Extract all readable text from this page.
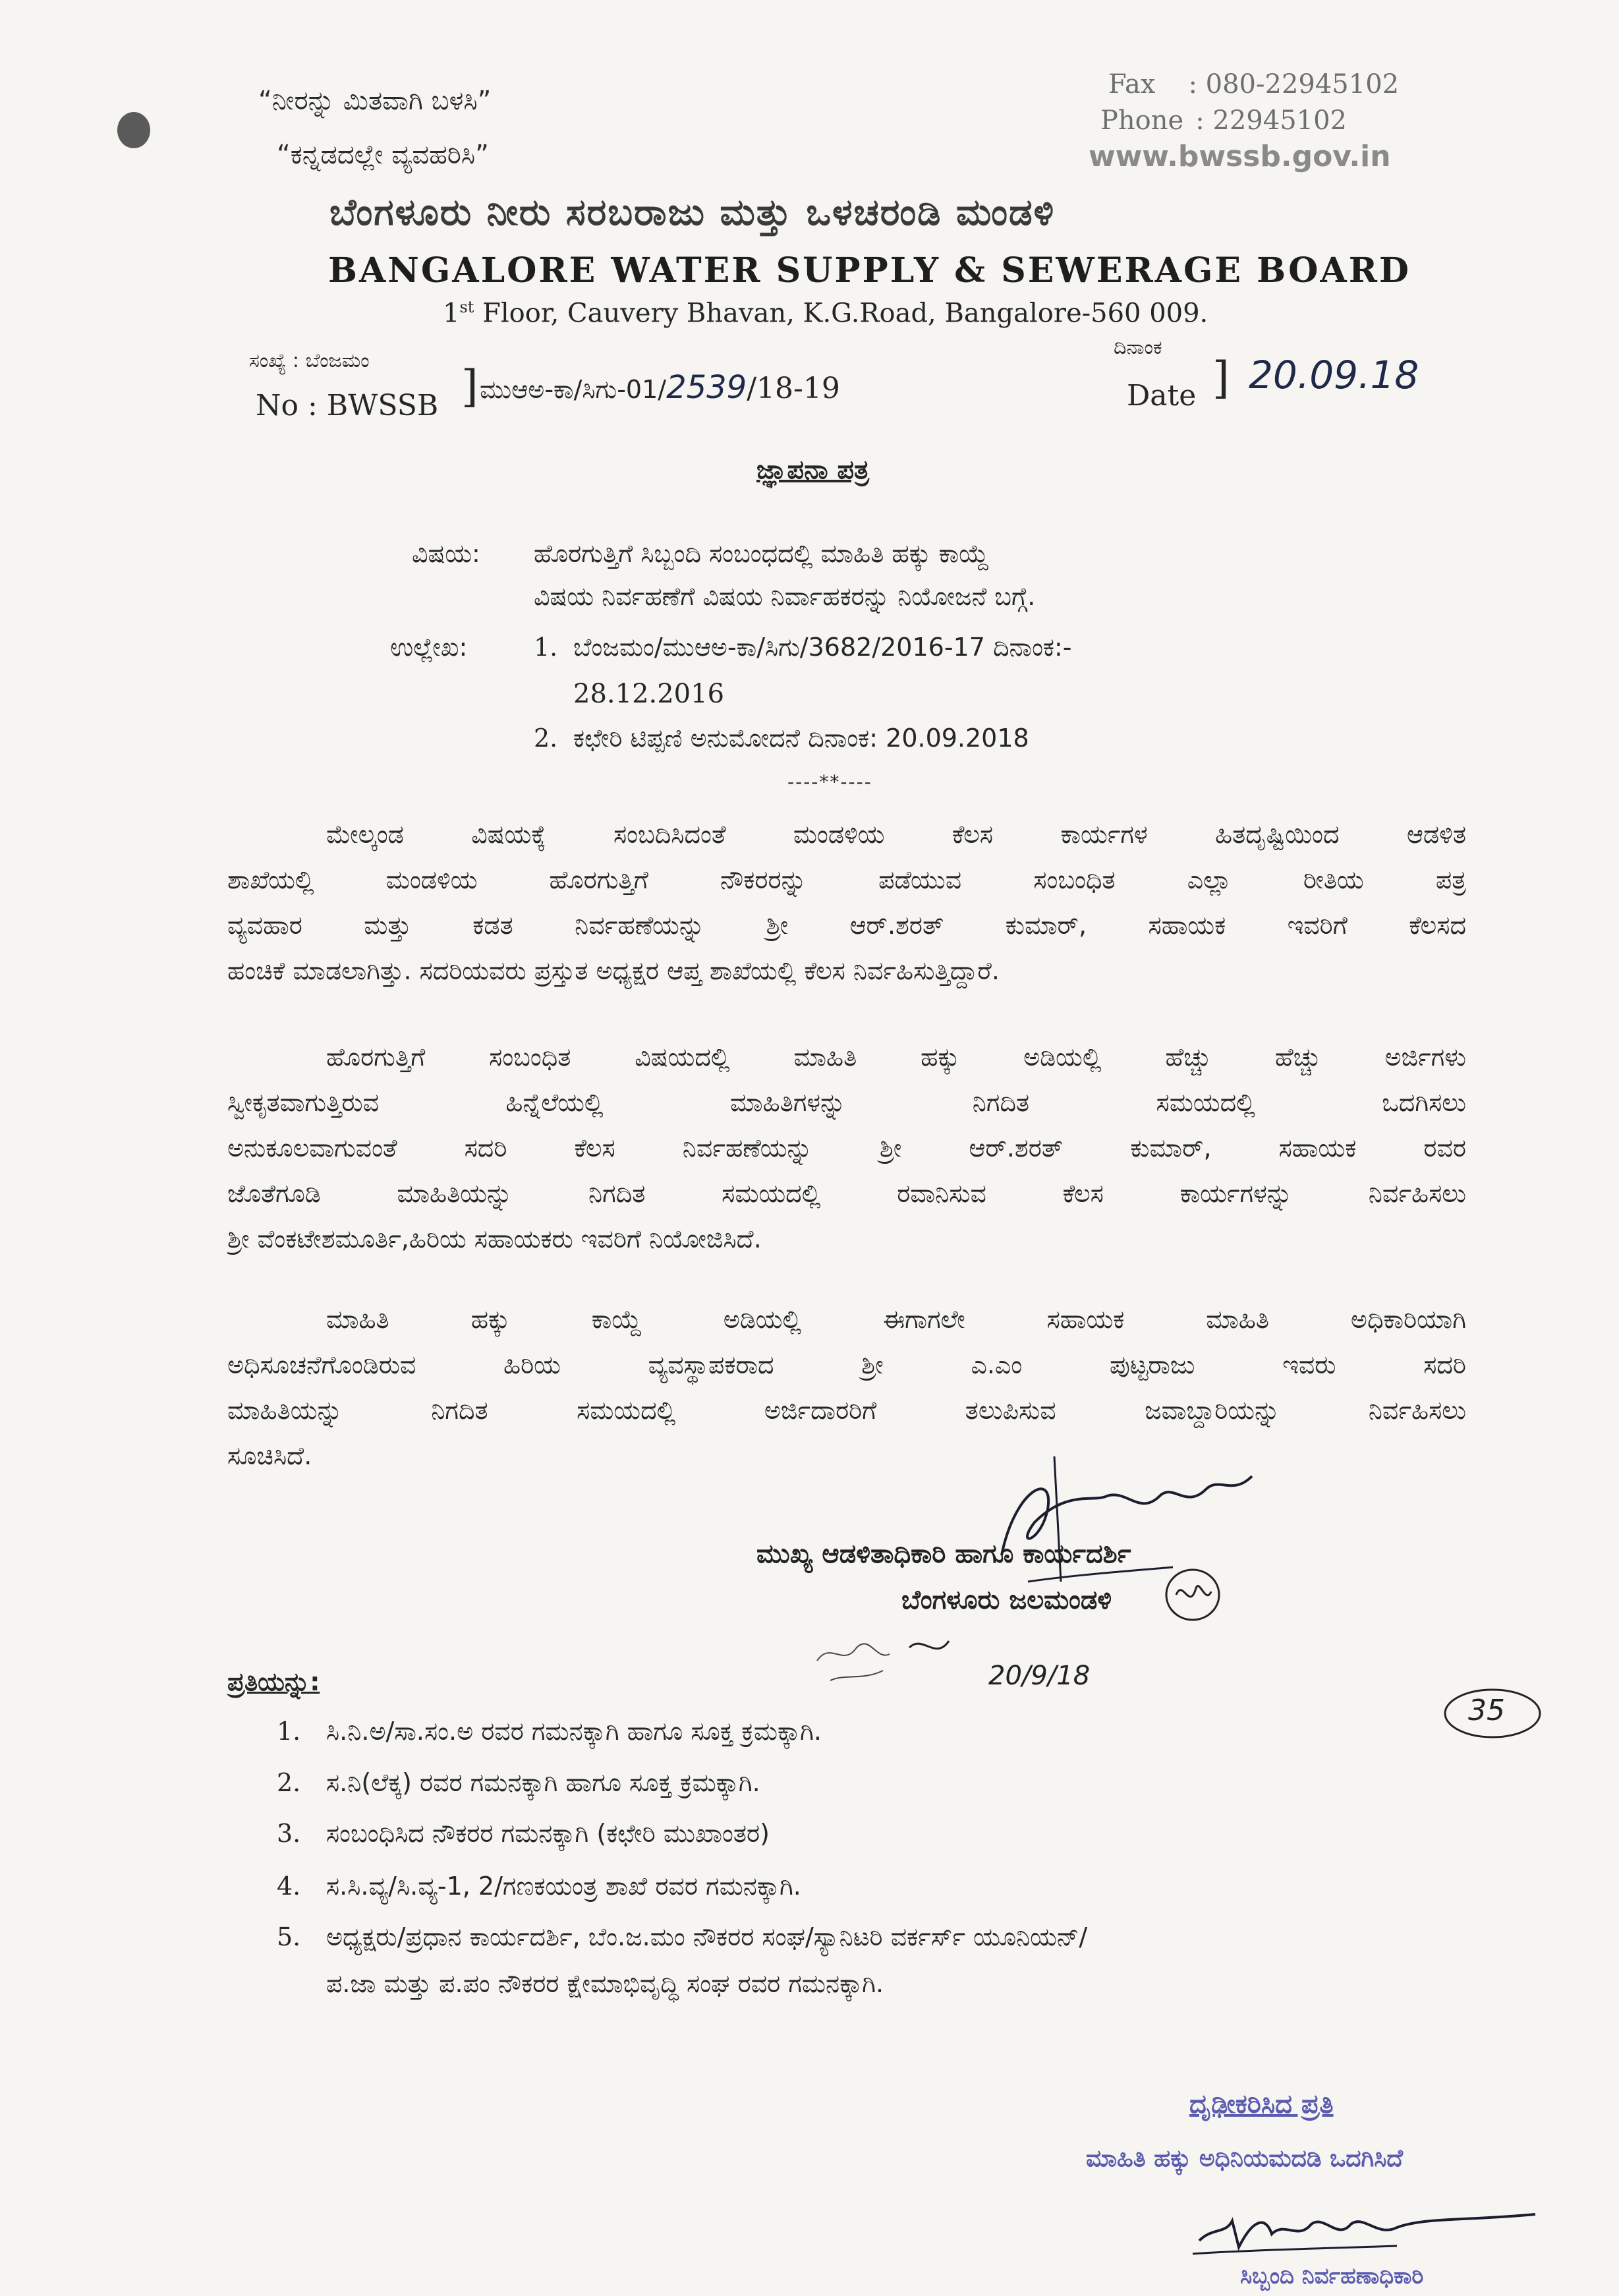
“ನೀರನ್ನು ಮಿತವಾಗಿ ಬಳಸಿ”
“ಕನ್ನಡದಲ್ಲೇ ವ್ಯವಹರಿಸಿ”
Fax : 080-22945102
Phone : 22945102
www.bwssb.gov.in
ಬೆಂಗಳೂರು ನೀರು ಸರಬರಾಜು ಮತ್ತು ಒಳಚರಂಡಿ ಮಂಡಳಿ
BANGALORE WATER SUPPLY & SEWERAGE BOARD
1st Floor, Cauvery Bhavan, K.G.Road, Bangalore-560 009.
ಸಂಖ್ಯೆ : ಬೆಂಜಮಂ
No : BWSSB ] ಮುಆಅ-ಕಾ/ಸಿಗು-01/2539/18-19
ದಿನಾಂಕ
Date ] 20.09.18
ಜ್ಞಾಪನಾ ಪತ್ರ
ವಿಷಯ: ಹೊರಗುತ್ತಿಗೆ ಸಿಬ್ಬಂದಿ ಸಂಬಂಧದಲ್ಲಿ ಮಾಹಿತಿ ಹಕ್ಕು ಕಾಯ್ದೆ
ವಿಷಯ ನಿರ್ವಹಣೆಗೆ ವಿಷಯ ನಿರ್ವಾಹಕರನ್ನು ನಿಯೋಜನೆ ಬಗ್ಗೆ.
ಉಲ್ಲೇಖ:	1. ಬೆಂಜಮಂ/ಮುಆಅ-ಕಾ/ಸಿಗು/3682/2016-17 ದಿನಾಂಕ:-
28.12.2016
2. ಕಛೇರಿ ಟಿಪ್ಪಣಿ ಅನುಮೋದನೆ ದಿನಾಂಕ: 20.09.2018
----**----
ಮೇಲ್ಕಂಡ ವಿಷಯಕ್ಕೆ ಸಂಬದಿಸಿದಂತೆ ಮಂಡಳಿಯ ಕೆಲಸ ಕಾರ್ಯಗಳ ಹಿತದೃಷ್ಟಿಯಿಂದ ಆಡಳಿತ
ಶಾಖೆಯಲ್ಲಿ ಮಂಡಳಿಯ ಹೊರಗುತ್ತಿಗೆ ನೌಕರರನ್ನು ಪಡೆಯುವ ಸಂಬಂಧಿತ ಎಲ್ಲಾ ರೀತಿಯ ಪತ್ರ
ವ್ಯವಹಾರ ಮತ್ತು ಕಡತ ನಿರ್ವಹಣೆಯನ್ನು ಶ್ರೀ ಆರ್.ಶರತ್ ಕುಮಾರ್, ಸಹಾಯಕ ಇವರಿಗೆ ಕೆಲಸದ
ಹಂಚಿಕೆ ಮಾಡಲಾಗಿತ್ತು. ಸದರಿಯವರು ಪ್ರಸ್ತುತ ಅಧ್ಯಕ್ಷರ ಆಪ್ತ ಶಾಖೆಯಲ್ಲಿ ಕೆಲಸ ನಿರ್ವಹಿಸುತ್ತಿದ್ದಾರೆ.
ಹೊರಗುತ್ತಿಗೆ ಸಂಬಂಧಿತ ವಿಷಯದಲ್ಲಿ ಮಾಹಿತಿ ಹಕ್ಕು ಅಡಿಯಲ್ಲಿ ಹೆಚ್ಚು ಹೆಚ್ಚು ಅರ್ಜಿಗಳು
ಸ್ವೀಕೃತವಾಗುತ್ತಿರುವ ಹಿನ್ನೆಲೆಯಲ್ಲಿ ಮಾಹಿತಿಗಳನ್ನು ನಿಗದಿತ ಸಮಯದಲ್ಲಿ ಒದಗಿಸಲು
ಅನುಕೂಲವಾಗುವಂತೆ ಸದರಿ ಕೆಲಸ ನಿರ್ವಹಣೆಯನ್ನು ಶ್ರೀ ಆರ್.ಶರತ್ ಕುಮಾರ್, ಸಹಾಯಕ ರವರ
ಜೊತೆಗೂಡಿ ಮಾಹಿತಿಯನ್ನು ನಿಗದಿತ ಸಮಯದಲ್ಲಿ ರವಾನಿಸುವ ಕೆಲಸ ಕಾರ್ಯಗಳನ್ನು ನಿರ್ವಹಿಸಲು
ಶ್ರೀ ವೆಂಕಟೇಶಮೂರ್ತಿ,ಹಿರಿಯ ಸಹಾಯಕರು ಇವರಿಗೆ ನಿಯೋಜಿಸಿದೆ.
ಮಾಹಿತಿ ಹಕ್ಕು ಕಾಯ್ದೆ ಅಡಿಯಲ್ಲಿ ಈಗಾಗಲೇ ಸಹಾಯಕ ಮಾಹಿತಿ ಅಧಿಕಾರಿಯಾಗಿ
ಅಧಿಸೂಚನೆಗೊಂಡಿರುವ ಹಿರಿಯ ವ್ಯವಸ್ಥಾಪಕರಾದ ಶ್ರೀ ಎ.ಎಂ ಪುಟ್ಟರಾಜು ಇವರು ಸದರಿ
ಮಾಹಿತಿಯನ್ನು ನಿಗದಿತ ಸಮಯದಲ್ಲಿ ಅರ್ಜಿದಾರರಿಗೆ ತಲುಪಿಸುವ ಜವಾಬ್ದಾರಿಯನ್ನು ನಿರ್ವಹಿಸಲು
ಸೂಚಿಸಿದೆ.
ಮುಖ್ಯ ಆಡಳಿತಾಧಿಕಾರಿ ಹಾಗೂ ಕಾರ್ಯದರ್ಶಿ
ಬೆಂಗಳೂರು ಜಲಮಂಡಳಿ
20/9/18
35
ಪ್ರತಿಯನ್ನು:
1. ಸಿ.ನಿ.ಅ/ಸಾ.ಸಂ.ಅ ರವರ ಗಮನಕ್ಕಾಗಿ ಹಾಗೂ ಸೂಕ್ತ ಕ್ರಮಕ್ಕಾಗಿ.
2. ಸ.ನಿ(ಲೆಕ್ಕ) ರವರ ಗಮನಕ್ಕಾಗಿ ಹಾಗೂ ಸೂಕ್ತ ಕ್ರಮಕ್ಕಾಗಿ.
3. ಸಂಬಂಧಿಸಿದ ನೌಕರರ ಗಮನಕ್ಕಾಗಿ (ಕಛೇರಿ ಮುಖಾಂತರ)
4. ಸ.ಸಿ.ವ್ಯ/ಸಿ.ವ್ಯ-1, 2/ಗಣಕಯಂತ್ರ ಶಾಖೆ ರವರ ಗಮನಕ್ಕಾಗಿ.
5. ಅಧ್ಯಕ್ಷರು/ಪ್ರಧಾನ ಕಾರ್ಯದರ್ಶಿ, ಬೆಂ.ಜ.ಮಂ ನೌಕರರ ಸಂಘ/ಸ್ಯಾನಿಟರಿ ವರ್ಕರ್ಸ್ ಯೂನಿಯನ್/
ಪ.ಜಾ ಮತ್ತು ಪ.ಪಂ ನೌಕರರ ಕ್ಷೇಮಾಭಿವೃದ್ಧಿ ಸಂಘ ರವರ ಗಮನಕ್ಕಾಗಿ.
ದೃಢೀಕರಿಸಿದ ಪ್ರತಿ
ಮಾಹಿತಿ ಹಕ್ಕು ಅಧಿನಿಯಮದಡಿ ಒದಗಿಸಿದೆ
ಸಿಬ್ಬಂದಿ ನಿರ್ವಹಣಾಧಿಕಾರಿ
